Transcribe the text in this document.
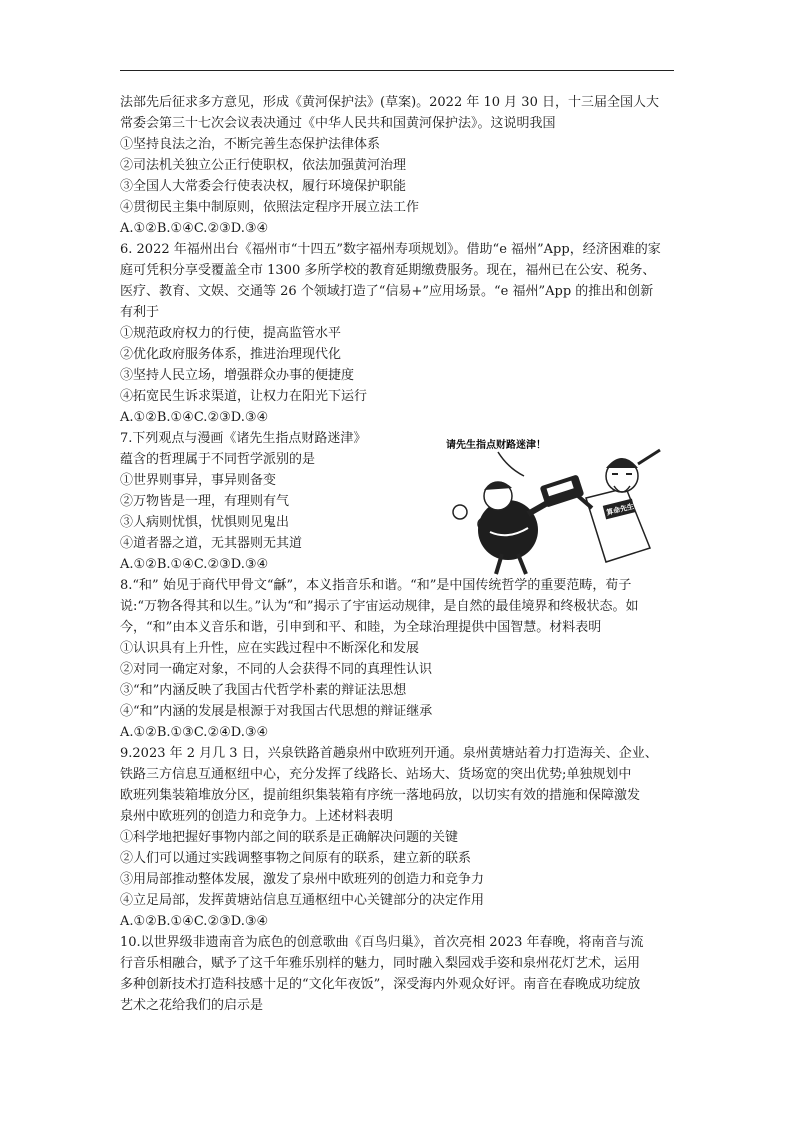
法部先后征求多方意见，形成《黄河保护法》(草案)。2022 年 10 月 30 日，十三届全国人大
常委会第三十七次会议表决通过《中华人民共和国黄河保护法》。这说明我国
①坚持良法之治，不断完善生态保护法律体系
②司法机关独立公正行使职权，依法加强黄河治理
③全国人大常委会行使表决权，履行环境保护职能
④贯彻民主集中制原则，依照法定程序开展立法工作
A.①②B.①④C.②③D.③④
6. 2022 年福州出台《福州市“十四五”数字福州寿项规划》。借助“e 福州”App，经济困难的家
庭可凭积分享受覆盖全市 1300 多所学校的教育延期缴费服务。现在，福州已在公安、税务、
医疗、教育、文娱、交通等 26 个领域打造了“信易+”应用场景。“e 福州”App 的推出和创新
有利于
①规范政府权力的行使，提高监管水平
②优化政府服务体系，推进治理现代化
③坚持人民立场，增强群众办事的便捷度
④拓宽民生诉求渠道，让权力在阳光下运行
A.①②B.①④C.②③D.③④
7.下列观点与漫画《诸先生指点财路迷津》
蕴含的哲理属于不同哲学派别的是
①世界则事异，事异则备变
②万物皆是一理，有理则有气
③人病则忧惧，忧惧则见鬼出
④道者器之道，无其器则无其道
A.①②B.①④C.②③D.③④
请先生指点财路迷津！
算命先生
8.“和” 始见于商代甲骨文“龢”，本义指音乐和谐。“和”是中国传统哲学的重要范畴，荀子
说:“万物各得其和以生。”认为“和”揭示了宇宙运动规律，是自然的最佳境界和终极状态。如
今，“和”由本义音乐和谐，引申到和平、和睦，为全球治理提供中国智慧。材料表明
①认识具有上升性，应在实践过程中不断深化和发展
②对同一确定对象，不同的人会获得不同的真理性认识
③“和”内涵反映了我国古代哲学朴素的辩证法思想
④“和”内涵的发展是根源于对我国古代思想的辩证继承
A.①②B.①③C.②④D.③④
9.2023 年 2 月几 3 日，兴泉铁路首趟泉州中欧班列开通。泉州黄塘站着力打造海关、企业、
铁路三方信息互通枢纽中心，充分发挥了线路长、站场大、货场宽的突出优势;单独规划中
欧班列集装箱堆放分区，提前组织集装箱有序统一落地码放，以切实有效的措施和保障激发
泉州中欧班列的创造力和竞争力。上述材料表明
①科学地把握好事物内部之间的联系是正确解决问题的关键
②人们可以通过实践调整事物之间原有的联系，建立新的联系
③用局部推动整体发展，激发了泉州中欧班列的创造力和竞争力
④立足局部，发挥黄塘站信息互通枢纽中心关键部分的决定作用
A.①②B.①④C.②③D.③④
10.以世界级非遗南音为底色的创意歌曲《百鸟归巢》，首次亮相 2023 年春晚，将南音与流
行音乐相融合，赋予了这千年雅乐别样的魅力，同时融入梨园戏手姿和泉州花灯艺术，运用
多种创新技术打造科技感十足的“文化年夜饭”，深受海内外观众好评。南音在春晚成功绽放
艺术之花给我们的启示是
